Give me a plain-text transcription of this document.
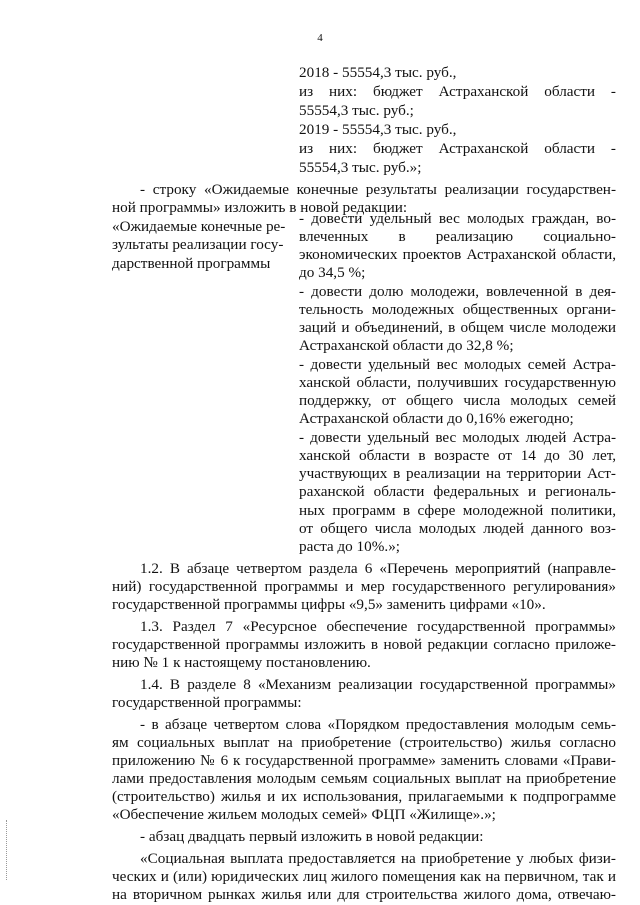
4
2018 - 55554,3 тыс. руб.,
из них: бюджет Астраханской области -
55554,3 тыс. руб.;
2019 - 55554,3 тыс. руб.,
из них: бюджет Астраханской области -
55554,3 тыс. руб.»;
- строку «Ожидаемые конечные результаты реализации государствен-
ной программы» изложить в новой редакции:
«Ожидаемые конечные ре-
зультаты реализации госу-
дарственной программы
- довести удельный вес молодых граждан, во-
влеченных в реализацию социально-
экономических проектов Астраханской области,
до 34,5 %;
- довести долю молодежи, вовлеченной в дея-
тельность молодежных общественных органи-
заций и объединений, в общем числе молодежи
Астраханской области до 32,8 %;
- довести удельный вес молодых семей Астра-
ханской области, получивших государственную
поддержку, от общего числа молодых семей
Астраханской области до 0,16% ежегодно;
- довести удельный вес молодых людей Астра-
ханской области в возрасте от 14 до 30 лет,
участвующих в реализации на территории Аст-
раханской области федеральных и региональ-
ных программ в сфере молодежной политики,
от общего числа молодых людей данного воз-
раста до 10%.»;
1.2. В абзаце четвертом раздела 6 «Перечень мероприятий (направле-
ний) государственной программы и мер государственного регулирования»
государственной программы цифры «9,5» заменить цифрами «10».
1.3. Раздел 7 «Ресурсное обеспечение государственной программы»
государственной программы изложить в новой редакции согласно приложе-
нию № 1 к настоящему постановлению.
1.4. В разделе 8 «Механизм реализации государственной программы»
государственной программы:
- в абзаце четвертом слова «Порядком предоставления молодым семь-
ям социальных выплат на приобретение (строительство) жилья согласно
приложению № 6 к государственной программе» заменить словами «Прави-
лами предоставления молодым семьям социальных выплат на приобретение
(строительство) жилья и их использования, прилагаемыми к подпрограмме
«Обеспечение жильем молодых семей» ФЦП «Жилище».»;
- абзац двадцать первый изложить в новой редакции:
«Социальная выплата предоставляется на приобретение у любых физи-
ческих и (или) юридических лиц жилого помещения как на первичном, так и
на вторичном рынках жилья или для строительства жилого дома, отвечаю-
